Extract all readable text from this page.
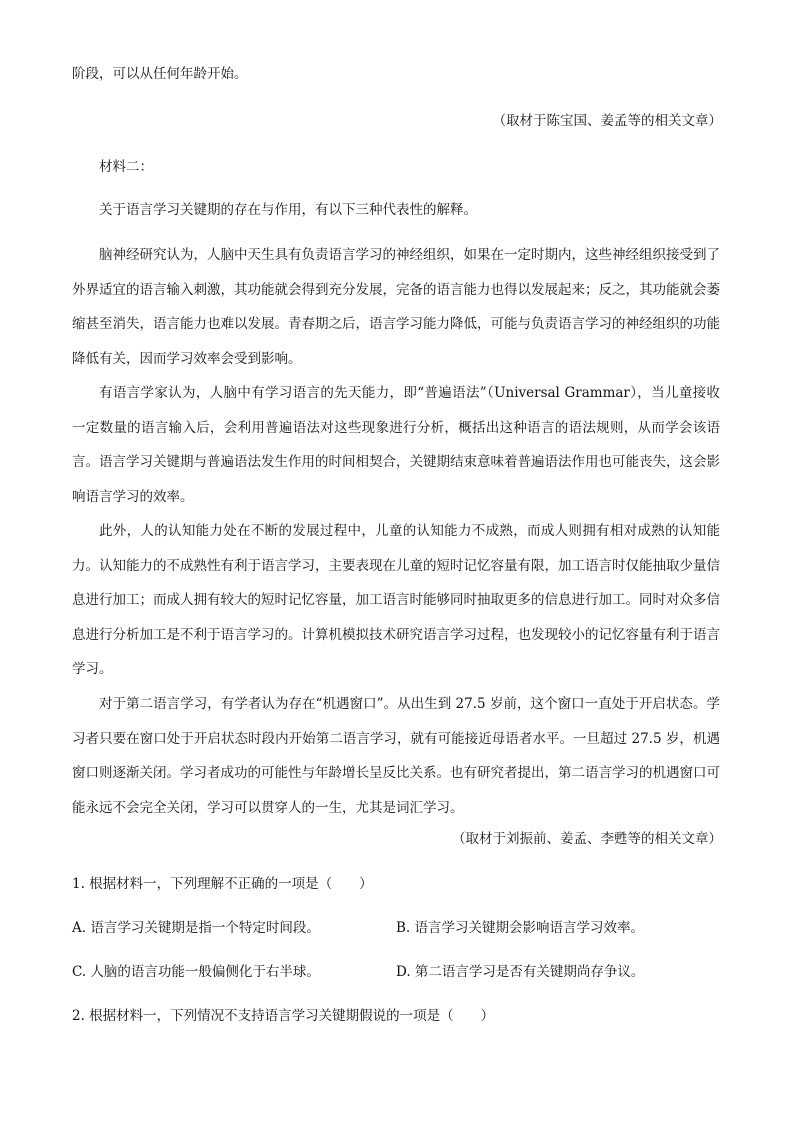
阶段，可以从任何年龄开始。
（取材于陈宝国、姜孟等的相关文章）
材料二：
关于语言学习关键期的存在与作用，有以下三种代表性的解释。
脑神经研究认为，人脑中天生具有负责语言学习的神经组织，如果在一定时期内，这些神经组织接受到了外界适宜的语言输入刺激，其功能就会得到充分发展，完备的语言能力也得以发展起来；反之，其功能就会萎缩甚至消失，语言能力也难以发展。青春期之后，语言学习能力降低，可能与负责语言学习的神经组织的功能降低有关，因而学习效率会受到影响。
有语言学家认为，人脑中有学习语言的先天能力，即“普遍语法”（Universal Grammar），当儿童接收一定数量的语言输入后，会利用普遍语法对这些现象进行分析，概括出这种语言的语法规则，从而学会该语言。语言学习关键期与普遍语法发生作用的时间相契合，关键期结束意味着普遍语法作用也可能丧失，这会影响语言学习的效率。
此外，人的认知能力处在不断的发展过程中，儿童的认知能力不成熟，而成人则拥有相对成熟的认知能力。认知能力的不成熟性有利于语言学习，主要表现在儿童的短时记忆容量有限，加工语言时仅能抽取少量信息进行加工；而成人拥有较大的短时记忆容量，加工语言时能够同时抽取更多的信息进行加工。同时对众多信息进行分析加工是不利于语言学习的。计算机模拟技术研究语言学习过程，也发现较小的记忆容量有利于语言学习。
对于第二语言学习，有学者认为存在“机遇窗口”。从出生到 27.5 岁前，这个窗口一直处于开启状态。学习者只要在窗口处于开启状态时段内开始第二语言学习，就有可能接近母语者水平。一旦超过 27.5 岁，机遇窗口则逐渐关闭。学习者成功的可能性与年龄增长呈反比关系。也有研究者提出，第二语言学习的机遇窗口可能永远不会完全关闭，学习可以贯穿人的一生，尤其是词汇学习。
（取材于刘振前、姜孟、李甦等的相关文章）
1. 根据材料一，下列理解不正确的一项是（　　）
A. 语言学习关键期是指一个特定时间段。	B. 语言学习关键期会影响语言学习效率。
C. 人脑的语言功能一般偏侧化于右半球。	D. 第二语言学习是否有关键期尚存争议。
2. 根据材料一，下列情况不支持语言学习关键期假说的一项是（　　）
